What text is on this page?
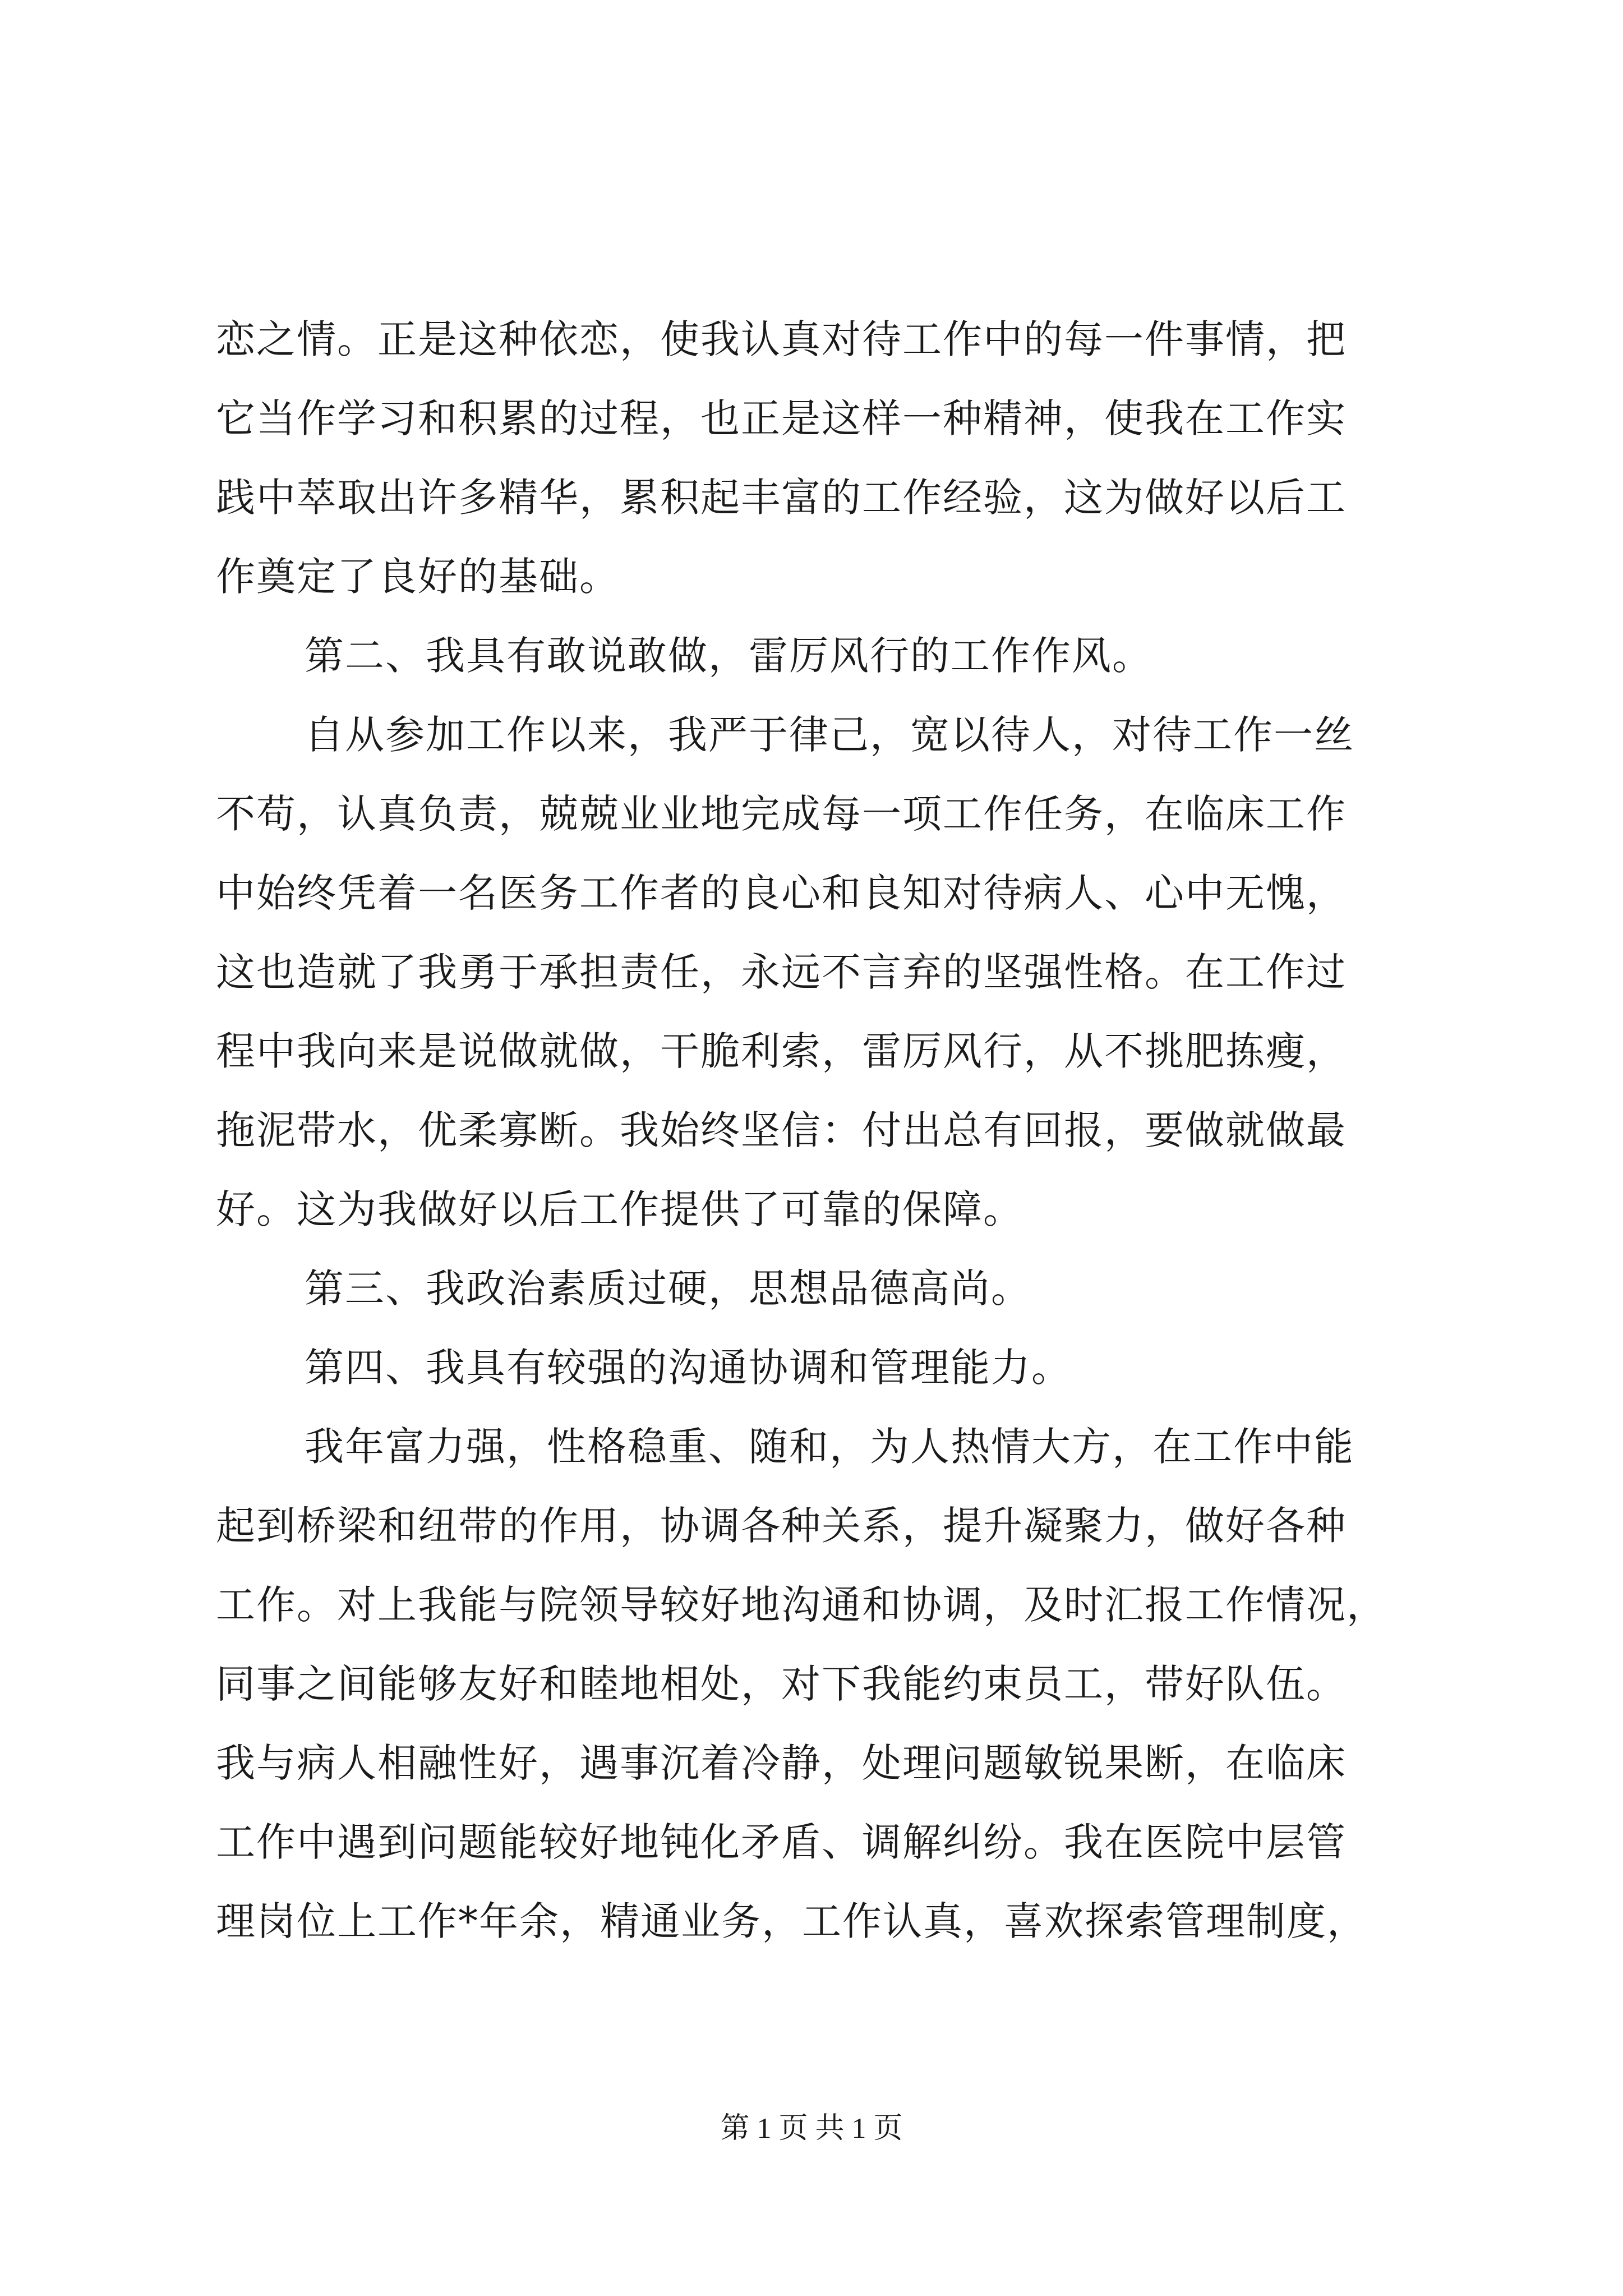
恋之情。正是这种依恋，使我认真对待工作中的每一件事情，把
它当作学习和积累的过程，也正是这样一种精神，使我在工作实
践中萃取出许多精华，累积起丰富的工作经验，这为做好以后工
作奠定了良好的基础。
第二、我具有敢说敢做，雷厉风行的工作作风。
自从参加工作以来，我严于律己，宽以待人，对待工作一丝
不苟，认真负责，兢兢业业地完成每一项工作任务，在临床工作
中始终凭着一名医务工作者的良心和良知对待病人、心中无愧，
这也造就了我勇于承担责任，永远不言弃的坚强性格。在工作过
程中我向来是说做就做，干脆利索，雷厉风行，从不挑肥拣瘦，
拖泥带水，优柔寡断。我始终坚信：付出总有回报，要做就做最
好。这为我做好以后工作提供了可靠的保障。
第三、我政治素质过硬，思想品德高尚。
第四、我具有较强的沟通协调和管理能力。
我年富力强，性格稳重、随和，为人热情大方，在工作中能
起到桥梁和纽带的作用，协调各种关系，提升凝聚力，做好各种
工作。对上我能与院领导较好地沟通和协调，及时汇报工作情况，
同事之间能够友好和睦地相处，对下我能约束员工，带好队伍。
我与病人相融性好，遇事沉着冷静，处理问题敏锐果断，在临床
工作中遇到问题能较好地钝化矛盾、调解纠纷。我在医院中层管
理岗位上工作*年余，精通业务，工作认真，喜欢探索管理制度，
第 1 页 共 1 页
